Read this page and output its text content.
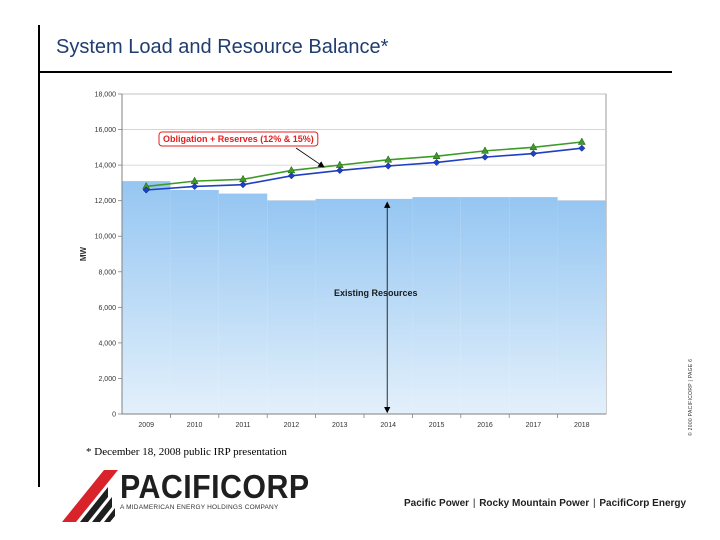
System Load and Resource Balance*
© 2000 PACIFICORP | PAGE 6
0
2,000
4,000
6,000
8,000
10,000
12,000
14,000
16,000
18,000
2009	2010	2011	2012	2013	2014	2015	2016	2017	2018
MW
Existing Resources
Obligation + Reserves (12% & 15%)
* December 18, 2008 public IRP presentation
PACIFICORP
A MIDAMERICAN ENERGY HOLDINGS COMPANY	Pacific Power | Rocky Mountain Power | PacifiCorp Energy
